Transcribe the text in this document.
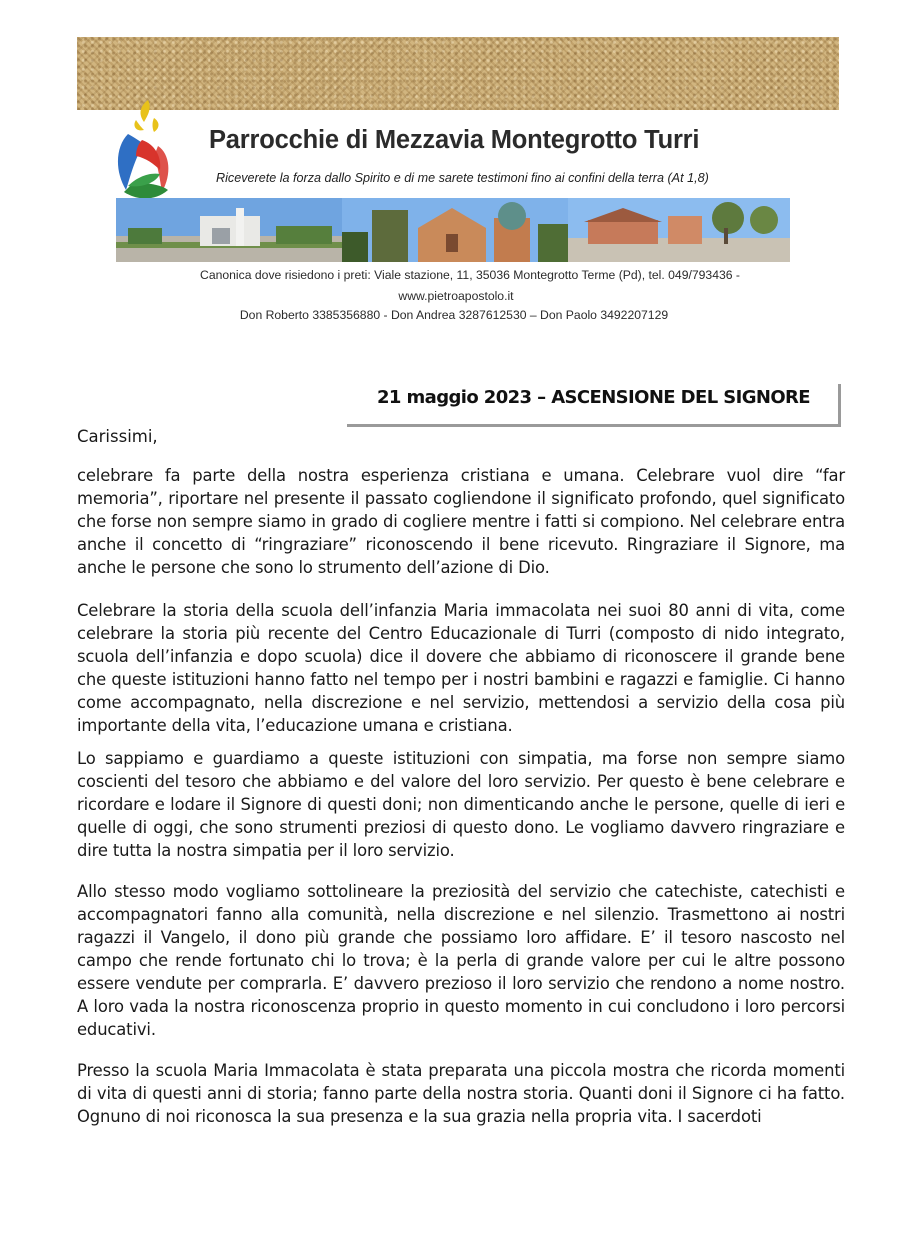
Parrocchie di Mezzavia Montegrotto Turri
Riceverete la forza dallo Spirito e di me sarete testimoni fino ai confini della terra (At 1,8)
Canonica dove risiedono i preti: Viale stazione, 11, 35036 Montegrotto Terme (Pd), tel. 049/793436 -
www.pietroapostolo.it
Don Roberto 3385356880 - Don Andrea 3287612530 – Don Paolo 3492207129
21 maggio 2023 – ASCENSIONE DEL SIGNORE
Carissimi,

celebrare fa parte della nostra esperienza cristiana e umana. Celebrare vuol dire “far memoria”, riportare nel presente il passato cogliendone il significato profondo, quel significato che forse non sempre siamo in grado di cogliere mentre i fatti si compiono. Nel celebrare entra anche il concetto di “ringraziare” riconoscendo il bene ricevuto. Ringraziare il Signore, ma anche le persone che sono lo strumento dell’azione di Dio.

Celebrare la storia della scuola dell’infanzia Maria immacolata nei suoi 80 anni di vita, come celebrare la storia più recente del Centro Educazionale di Turri (composto di nido integrato, scuola dell’infanzia e dopo scuola) dice il dovere che abbiamo di riconoscere il grande bene che queste istituzioni hanno fatto nel tempo per i nostri bambini e ragazzi e famiglie. Ci hanno come accompagnato, nella discrezione e nel servizio, mettendosi a servizio della cosa più importante della vita, l’educazione umana e cristiana.

Lo sappiamo e guardiamo a queste istituzioni con simpatia, ma forse non sempre siamo coscienti del tesoro che abbiamo e del valore del loro servizio. Per questo è bene celebrare e ricordare e lodare il Signore di questi doni; non dimenticando anche le persone, quelle di ieri e quelle di oggi, che sono strumenti preziosi di questo dono. Le vogliamo davvero ringraziare e dire tutta la nostra simpatia per il loro servizio.

Allo stesso modo vogliamo sottolineare la preziosità del servizio che catechiste, catechisti e accompagnatori fanno alla comunità, nella discrezione e nel silenzio. Trasmettono ai nostri ragazzi il Vangelo, il dono più grande che possiamo loro affidare. E’ il tesoro nascosto nel campo che rende fortunato chi lo trova; è la perla di grande valore per cui le altre possono essere vendute per comprarla. E’ davvero prezioso il loro servizio che rendono a nome nostro. A loro vada la nostra riconoscenza proprio in questo momento in cui concludono i loro percorsi educativi.

Presso la scuola Maria Immacolata è stata preparata una piccola mostra che ricorda momenti di vita di questi anni di storia; fanno parte della nostra storia. Quanti doni il Signore ci ha fatto. Ognuno di noi riconosca la sua presenza e la sua grazia nella propria vita. I sacerdoti
